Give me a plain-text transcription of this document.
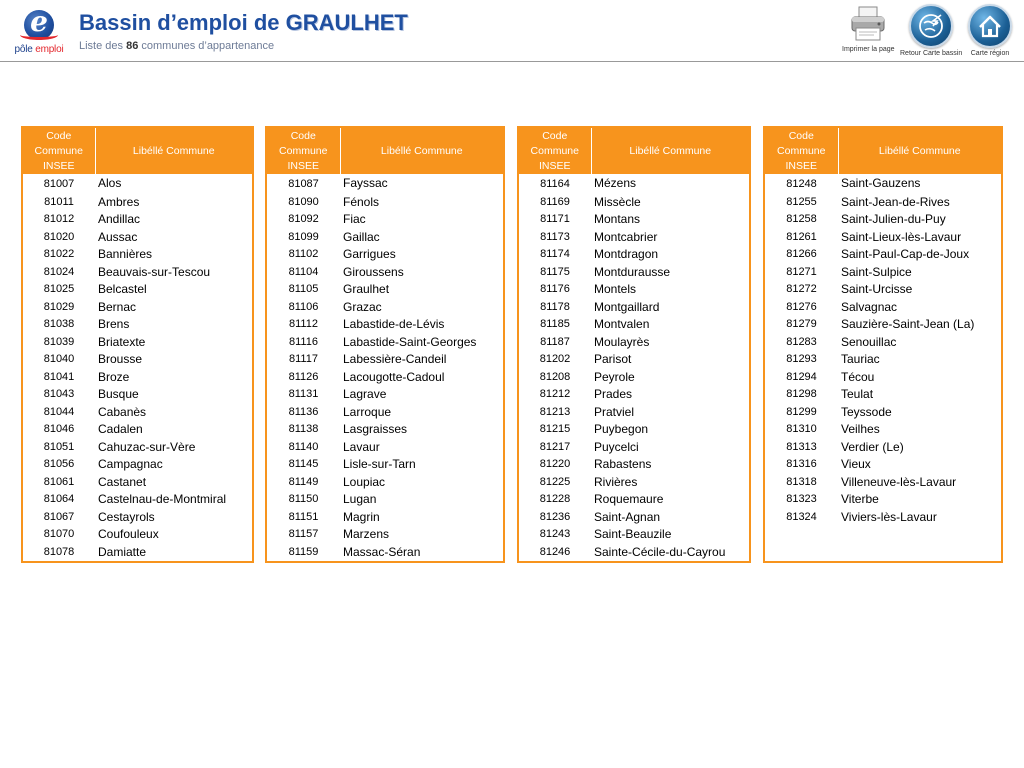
e
pôle emploi
Bassin d’emploi de GRAULHET
Liste des 86 communes d’appartenance	Imprimer la page
Retour Carte bassin	Carte région
Code Commune INSEE	Libéllé Commune
81007	Alos
81011	Ambres
81012	Andillac
81020	Aussac
81022	Bannières
81024	Beauvais-sur-Tescou
81025	Belcastel
81029	Bernac
81038	Brens
81039	Briatexte
81040	Brousse
81041	Broze
81043	Busque
81044	Cabanès
81046	Cadalen
81051	Cahuzac-sur-Vère
81056	Campagnac
81061	Castanet
81064	Castelnau-de-Montmiral
81067	Cestayrols
81070	Coufouleux
81078	Damiatte
Code Commune INSEE	Libéllé Commune
81087	Fayssac
81090	Fénols
81092	Fiac
81099	Gaillac
81102	Garrigues
81104	Giroussens
81105	Graulhet
81106	Grazac
81112	Labastide-de-Lévis
81116	Labastide-Saint-Georges
81117	Labessière-Candeil
81126	Lacougotte-Cadoul
81131	Lagrave
81136	Larroque
81138	Lasgraisses
81140	Lavaur
81145	Lisle-sur-Tarn
81149	Loupiac
81150	Lugan
81151	Magrin
81157	Marzens
81159	Massac-Séran
Code Commune INSEE	Libéllé Commune
81164	Mézens
81169	Missècle
81171	Montans
81173	Montcabrier
81174	Montdragon
81175	Montdurausse
81176	Montels
81178	Montgaillard
81185	Montvalen
81187	Moulayrès
81202	Parisot
81208	Peyrole
81212	Prades
81213	Pratviel
81215	Puybegon
81217	Puycelci
81220	Rabastens
81225	Rivières
81228	Roquemaure
81236	Saint-Agnan
81243	Saint-Beauzile
81246	Sainte-Cécile-du-Cayrou
Code Commune INSEE	Libéllé Commune
81248	Saint-Gauzens
81255	Saint-Jean-de-Rives
81258	Saint-Julien-du-Puy
81261	Saint-Lieux-lès-Lavaur
81266	Saint-Paul-Cap-de-Joux
81271	Saint-Sulpice
81272	Saint-Urcisse
81276	Salvagnac
81279	Sauzière-Saint-Jean (La)
81283	Senouillac
81293	Tauriac
81294	Técou
81298	Teulat
81299	Teyssode
81310	Veilhes
81313	Verdier (Le)
81316	Vieux
81318	Villeneuve-lès-Lavaur
81323	Viterbe
81324	Viviers-lès-Lavaur
